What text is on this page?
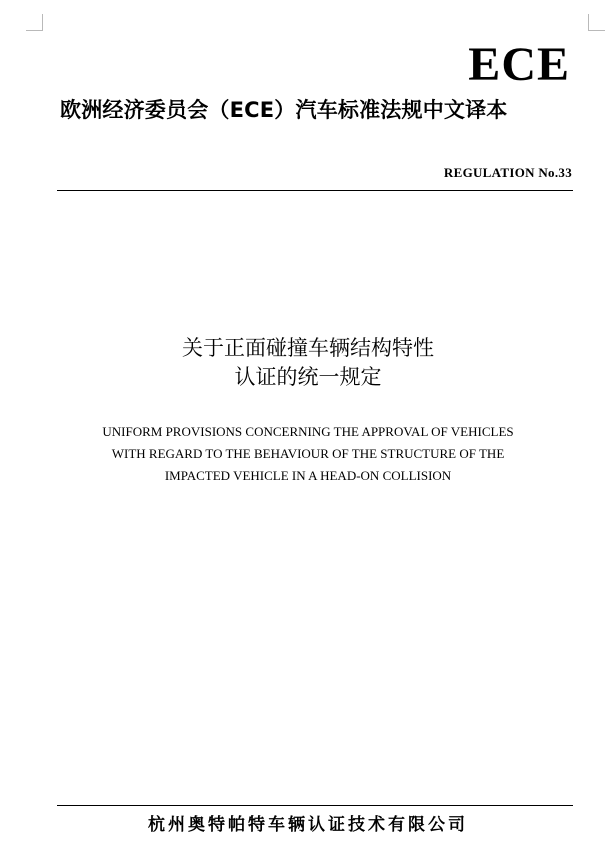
ECE
欧洲经济委员会（ECE）汽车标准法规中文译本
REGULATION No.33
关于正面碰撞车辆结构特性
认证的统一规定
UNIFORM PROVISIONS CONCERNING THE APPROVAL OF VEHICLES
WITH REGARD TO THE BEHAVIOUR OF THE STRUCTURE OF THE
IMPACTED VEHICLE IN A HEAD-ON COLLISION
杭州奥特帕特车辆认证技术有限公司
